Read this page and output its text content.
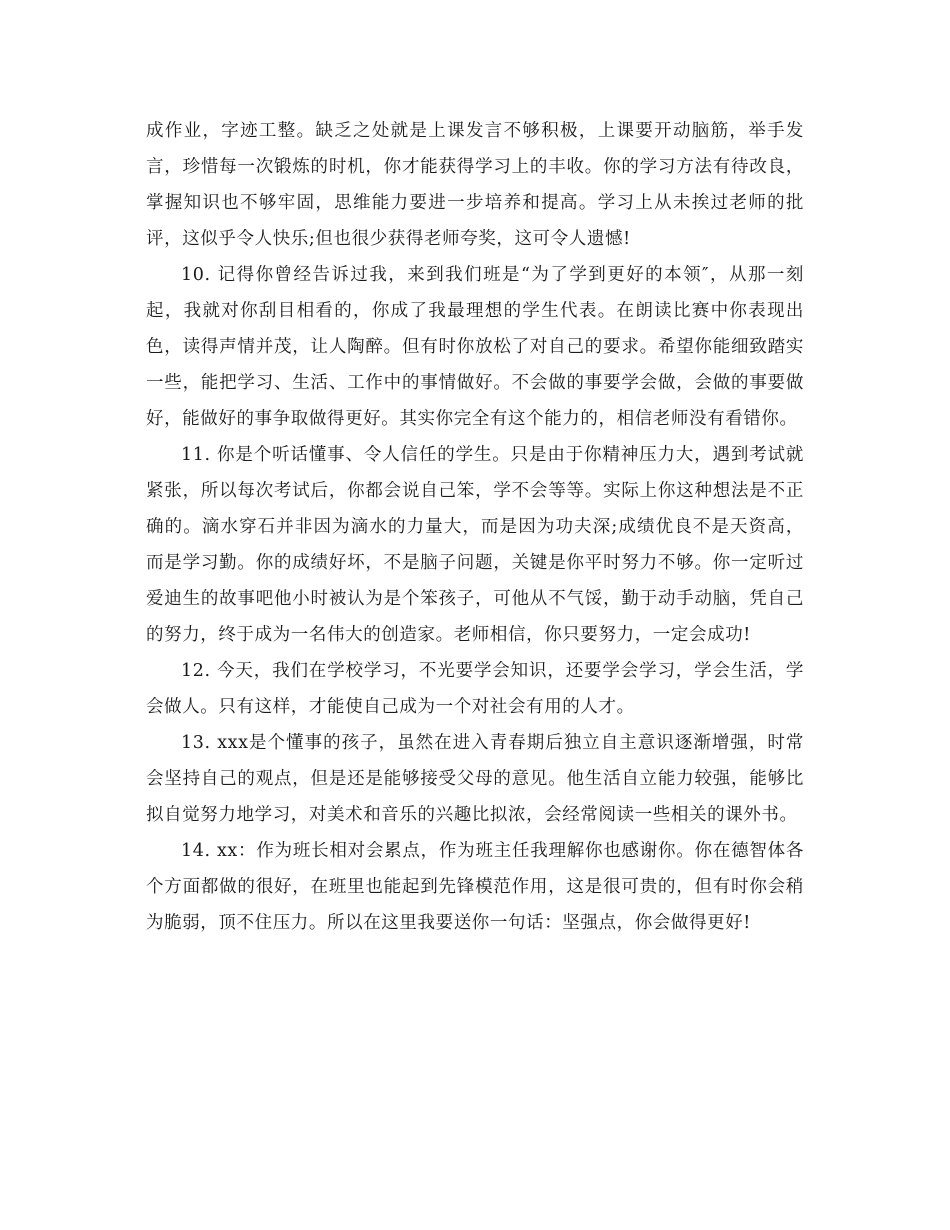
成作业，字迹工整。缺乏之处就是上课发言不够积极，上课要开动脑筋，举手发言，珍惜每一次锻炼的时机，你才能获得学习上的丰收。你的学习方法有待改良，掌握知识也不够牢固，思维能力要进一步培养和提高。学习上从未挨过老师的批评，这似乎令人快乐;但也很少获得老师夸奖，这可令人遗憾!

10. 记得你曾经告诉过我，来到我们班是“为了学到更好的本领″，从那一刻起，我就对你刮目相看的，你成了我最理想的学生代表。在朗读比赛中你表现出色，读得声情并茂，让人陶醉。但有时你放松了对自己的要求。希望你能细致踏实一些，能把学习、生活、工作中的事情做好。不会做的事要学会做，会做的事要做好，能做好的事争取做得更好。其实你完全有这个能力的，相信老师没有看错你。

11. 你是个听话懂事、令人信任的学生。只是由于你精神压力大，遇到考试就紧张，所以每次考试后，你都会说自己笨，学不会等等。实际上你这种想法是不正确的。滴水穿石并非因为滴水的力量大，而是因为功夫深;成绩优良不是天资高，而是学习勤。你的成绩好坏，不是脑子问题，关键是你平时努力不够。你一定听过爱迪生的故事吧他小时被认为是个笨孩子，可他从不气馁，勤于动手动脑，凭自己的努力，终于成为一名伟大的创造家。老师相信，你只要努力，一定会成功!

12. 今天，我们在学校学习，不光要学会知识，还要学会学习，学会生活，学会做人。只有这样，才能使自己成为一个对社会有用的人才。

13. xxx是个懂事的孩子，虽然在进入青春期后独立自主意识逐渐增强，时常会坚持自己的观点，但是还是能够接受父母的意见。他生活自立能力较强，能够比拟自觉努力地学习，对美术和音乐的兴趣比拟浓，会经常阅读一些相关的课外书。

14. xx：作为班长相对会累点，作为班主任我理解你也感谢你。你在德智体各个方面都做的很好，在班里也能起到先锋模范作用，这是很可贵的，但有时你会稍为脆弱，顶不住压力。所以在这里我要送你一句话：坚强点，你会做得更好!
